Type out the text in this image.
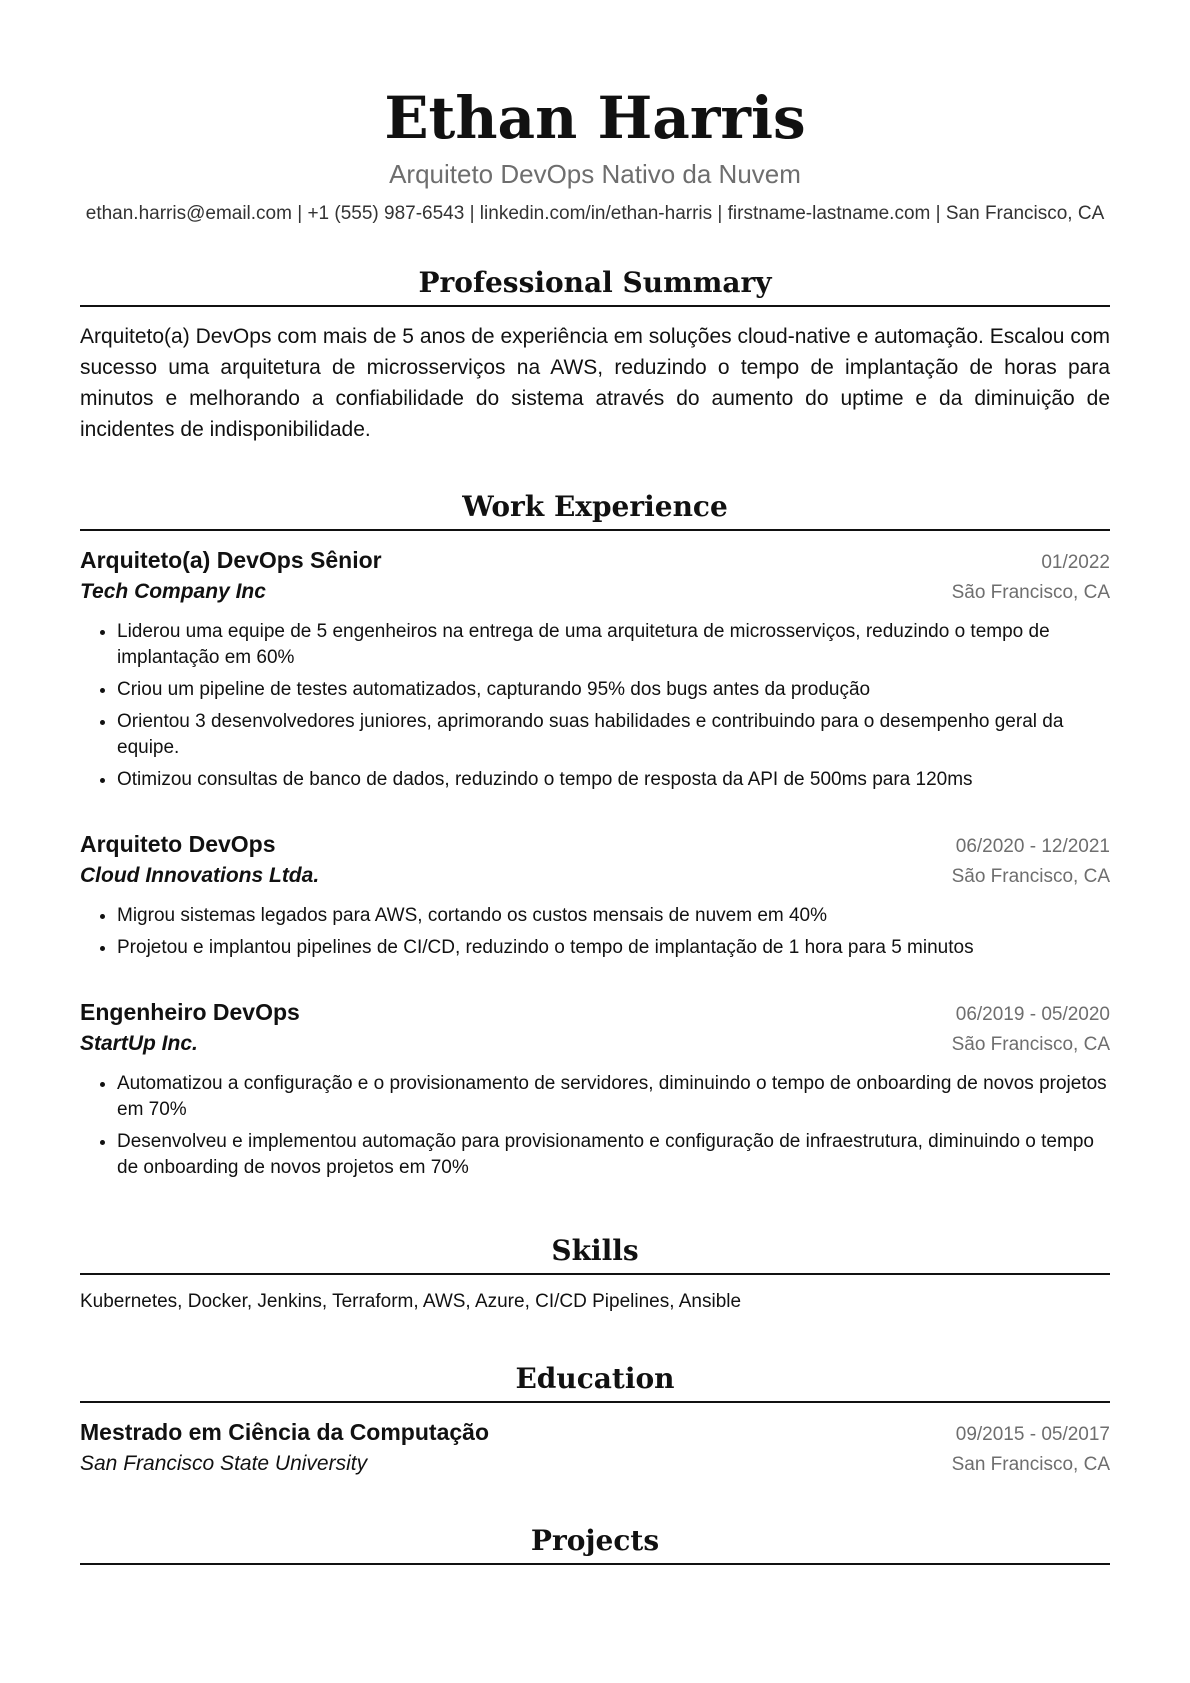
Ethan Harris
Arquiteto DevOps Nativo da Nuvem
ethan.harris@email.com | +1 (555) 987-6543 | linkedin.com/in/ethan-harris | firstname-lastname.com | San Francisco, CA
Professional Summary
Arquiteto(a) DevOps com mais de 5 anos de experiência em soluções cloud-native e automação. Escalou com sucesso uma arquitetura de microsserviços na AWS, reduzindo o tempo de implantação de horas para minutos e melhorando a confiabilidade do sistema através do aumento do uptime e da diminuição de incidentes de indisponibilidade.
Work Experience
Arquiteto(a) DevOps Sênior	01/2022
Tech Company Inc	São Francisco, CA
• Liderou uma equipe de 5 engenheiros na entrega de uma arquitetura de microsserviços, reduzindo o tempo de implantação em 60%
• Criou um pipeline de testes automatizados, capturando 95% dos bugs antes da produção
• Orientou 3 desenvolvedores juniores, aprimorando suas habilidades e contribuindo para o desempenho geral da equipe.
• Otimizou consultas de banco de dados, reduzindo o tempo de resposta da API de 500ms para 120ms
Arquiteto DevOps	06/2020 - 12/2021
Cloud Innovations Ltda.	São Francisco, CA
• Migrou sistemas legados para AWS, cortando os custos mensais de nuvem em 40%
• Projetou e implantou pipelines de CI/CD, reduzindo o tempo de implantação de 1 hora para 5 minutos
Engenheiro DevOps	06/2019 - 05/2020
StartUp Inc.	São Francisco, CA
• Automatizou a configuração e o provisionamento de servidores, diminuindo o tempo de onboarding de novos projetos em 70%
• Desenvolveu e implementou automação para provisionamento e configuração de infraestrutura, diminuindo o tempo de onboarding de novos projetos em 70%
Skills
Kubernetes, Docker, Jenkins, Terraform, AWS, Azure, CI/CD Pipelines, Ansible
Education
Mestrado em Ciência da Computação	09/2015 - 05/2017
San Francisco State University	San Francisco, CA
Projects
